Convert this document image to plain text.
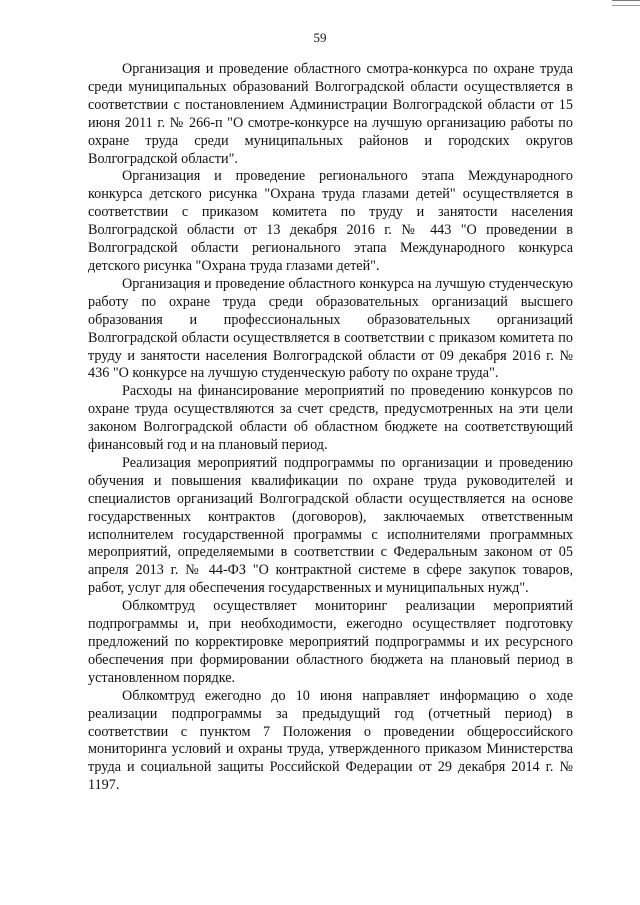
59

Организация и проведение областного смотра-конкурса по охране труда среди муниципальных образований Волгоградской области осуществляется в соответствии с постановлением Администрации Волгоградской области от 15 июня 2011 г. № 266-п "О смотре-конкурсе на лучшую организацию работы по охране труда среди муниципальных районов и городских округов Волгоградской области".

Организация и проведение регионального этапа Международного конкурса детского рисунка "Охрана труда глазами детей" осуществляется в соответствии с приказом комитета по труду и занятости населения Волгоградской области от 13 декабря 2016 г. № 443 "О проведении в Волгоградской области регионального этапа Международного конкурса детского рисунка "Охрана труда глазами детей".

Организация и проведение областного конкурса на лучшую студенческую работу по охране труда среди образовательных организаций высшего образования и профессиональных образовательных организаций Волгоградской области осуществляется в соответствии с приказом комитета по труду и занятости населения Волгоградской области от 09 декабря 2016 г. № 436 "О конкурсе на лучшую студенческую работу по охране труда".

Расходы на финансирование мероприятий по проведению конкурсов по охране труда осуществляются за счет средств, предусмотренных на эти цели законом Волгоградской области об областном бюджете на соответствующий финансовый год и на плановый период.

Реализация мероприятий подпрограммы по организации и проведению обучения и повышения квалификации по охране труда руководителей и специалистов организаций Волгоградской области осуществляется на основе государственных контрактов (договоров), заключаемых ответственным исполнителем государственной программы с исполнителями программных мероприятий, определяемыми в соответствии с Федеральным законом от 05 апреля 2013 г. № 44-ФЗ "О контрактной системе в сфере закупок товаров, работ, услуг для обеспечения государственных и муниципальных нужд".

Облкомтруд осуществляет мониторинг реализации мероприятий подпрограммы и, при необходимости, ежегодно осуществляет подготовку предложений по корректировке мероприятий подпрограммы и их ресурсного обеспечения при формировании областного бюджета на плановый период в установленном порядке.

Облкомтруд ежегодно до 10 июня направляет информацию о ходе реализации подпрограммы за предыдущий год (отчетный период) в соответствии с пунктом 7 Положения о проведении общероссийского мониторинга условий и охраны труда, утвержденного приказом Министерства труда и социальной защиты Российской Федерации от 29 декабря 2014 г. № 1197.
